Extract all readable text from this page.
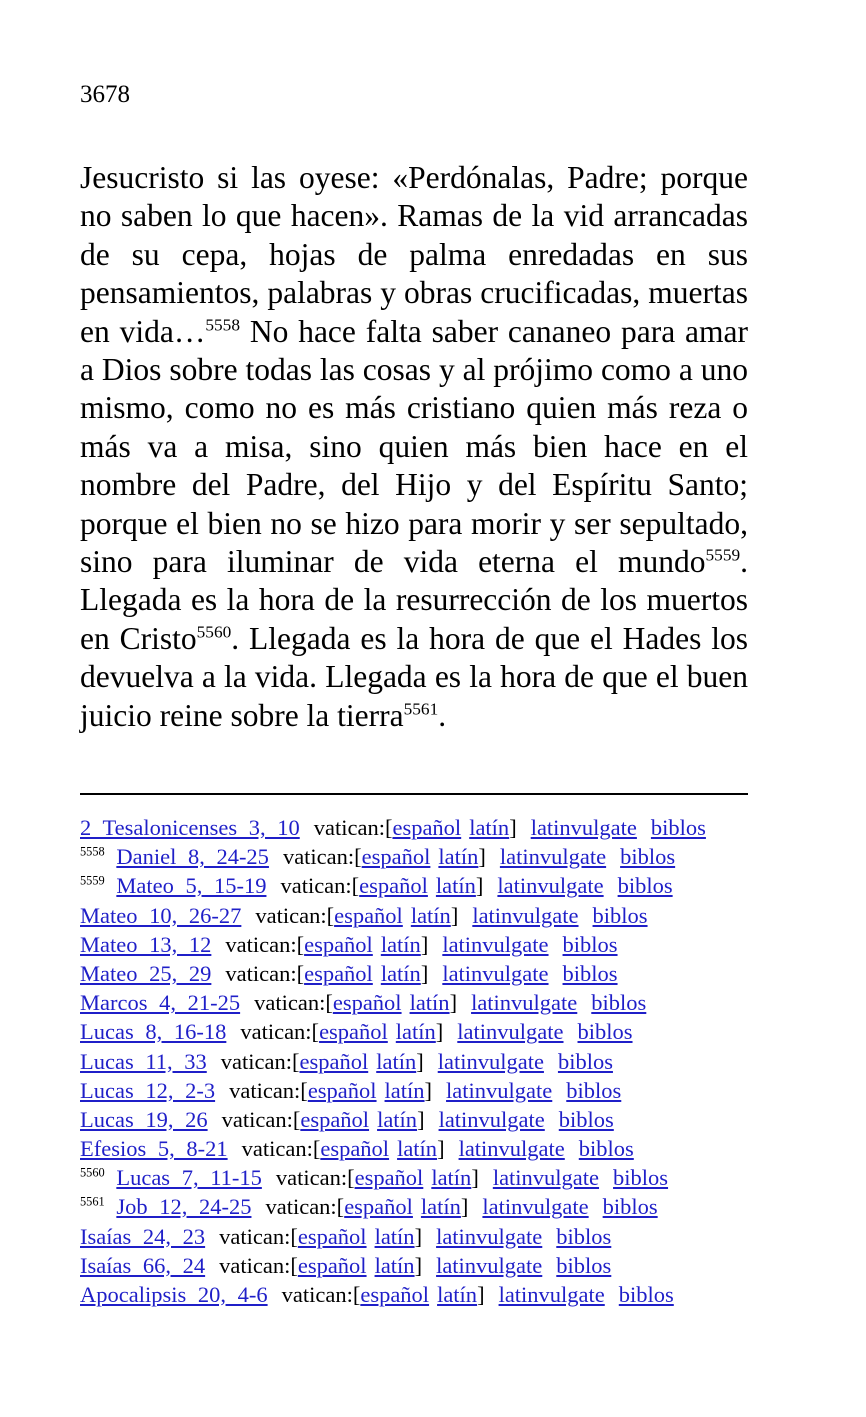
3678
Jesucristo si las oyese: «Perdónalas, Padre; porque no saben lo que hacen». Ramas de la vid arrancadas de su cepa, hojas de palma enredadas en sus pensamientos, palabras y obras crucificadas, muertas en vida…$^{5558}$ No hace falta saber cananeo para amar a Dios sobre todas las cosas y al prójimo como a uno mismo, como no es más cristiano quien más reza o más va a misa, sino quien más bien hace en el nombre del Padre, del Hijo y del Espíritu Santo; porque el bien no se hizo para morir y ser sepultado, sino para iluminar de vida eterna el mundo$^{5559}$. Llegada es la hora de la resurrección de los muertos en Cristo$^{5560}$. Llegada es la hora de que el Hades los devuelva a la vida. Llegada es la hora de que el buen juicio reine sobre la tierra$^{5561}$.
2 Tesalonicenses 3, 10 vatican:[español latín] latinvulgate biblos
$^{5558}$ Daniel 8, 24-25 vatican:[español latín] latinvulgate biblos
$^{5559}$ Mateo 5, 15-19 vatican:[español latín] latinvulgate biblos
Mateo 10, 26-27 vatican:[español latín] latinvulgate biblos
Mateo 13, 12 vatican:[español latín] latinvulgate biblos
Mateo 25, 29 vatican:[español latín] latinvulgate biblos
Marcos 4, 21-25 vatican:[español latín] latinvulgate biblos
Lucas 8, 16-18 vatican:[español latín] latinvulgate biblos
Lucas 11, 33 vatican:[español latín] latinvulgate biblos
Lucas 12, 2-3 vatican:[español latín] latinvulgate biblos
Lucas 19, 26 vatican:[español latín] latinvulgate biblos
Efesios 5, 8-21 vatican:[español latín] latinvulgate biblos
$^{5560}$ Lucas 7, 11-15 vatican:[español latín] latinvulgate biblos
$^{5561}$ Job 12, 24-25 vatican:[español latín] latinvulgate biblos
Isaías 24, 23 vatican:[español latín] latinvulgate biblos
Isaías 66, 24 vatican:[español latín] latinvulgate biblos
Apocalipsis 20, 4-6 vatican:[español latín] latinvulgate biblos
